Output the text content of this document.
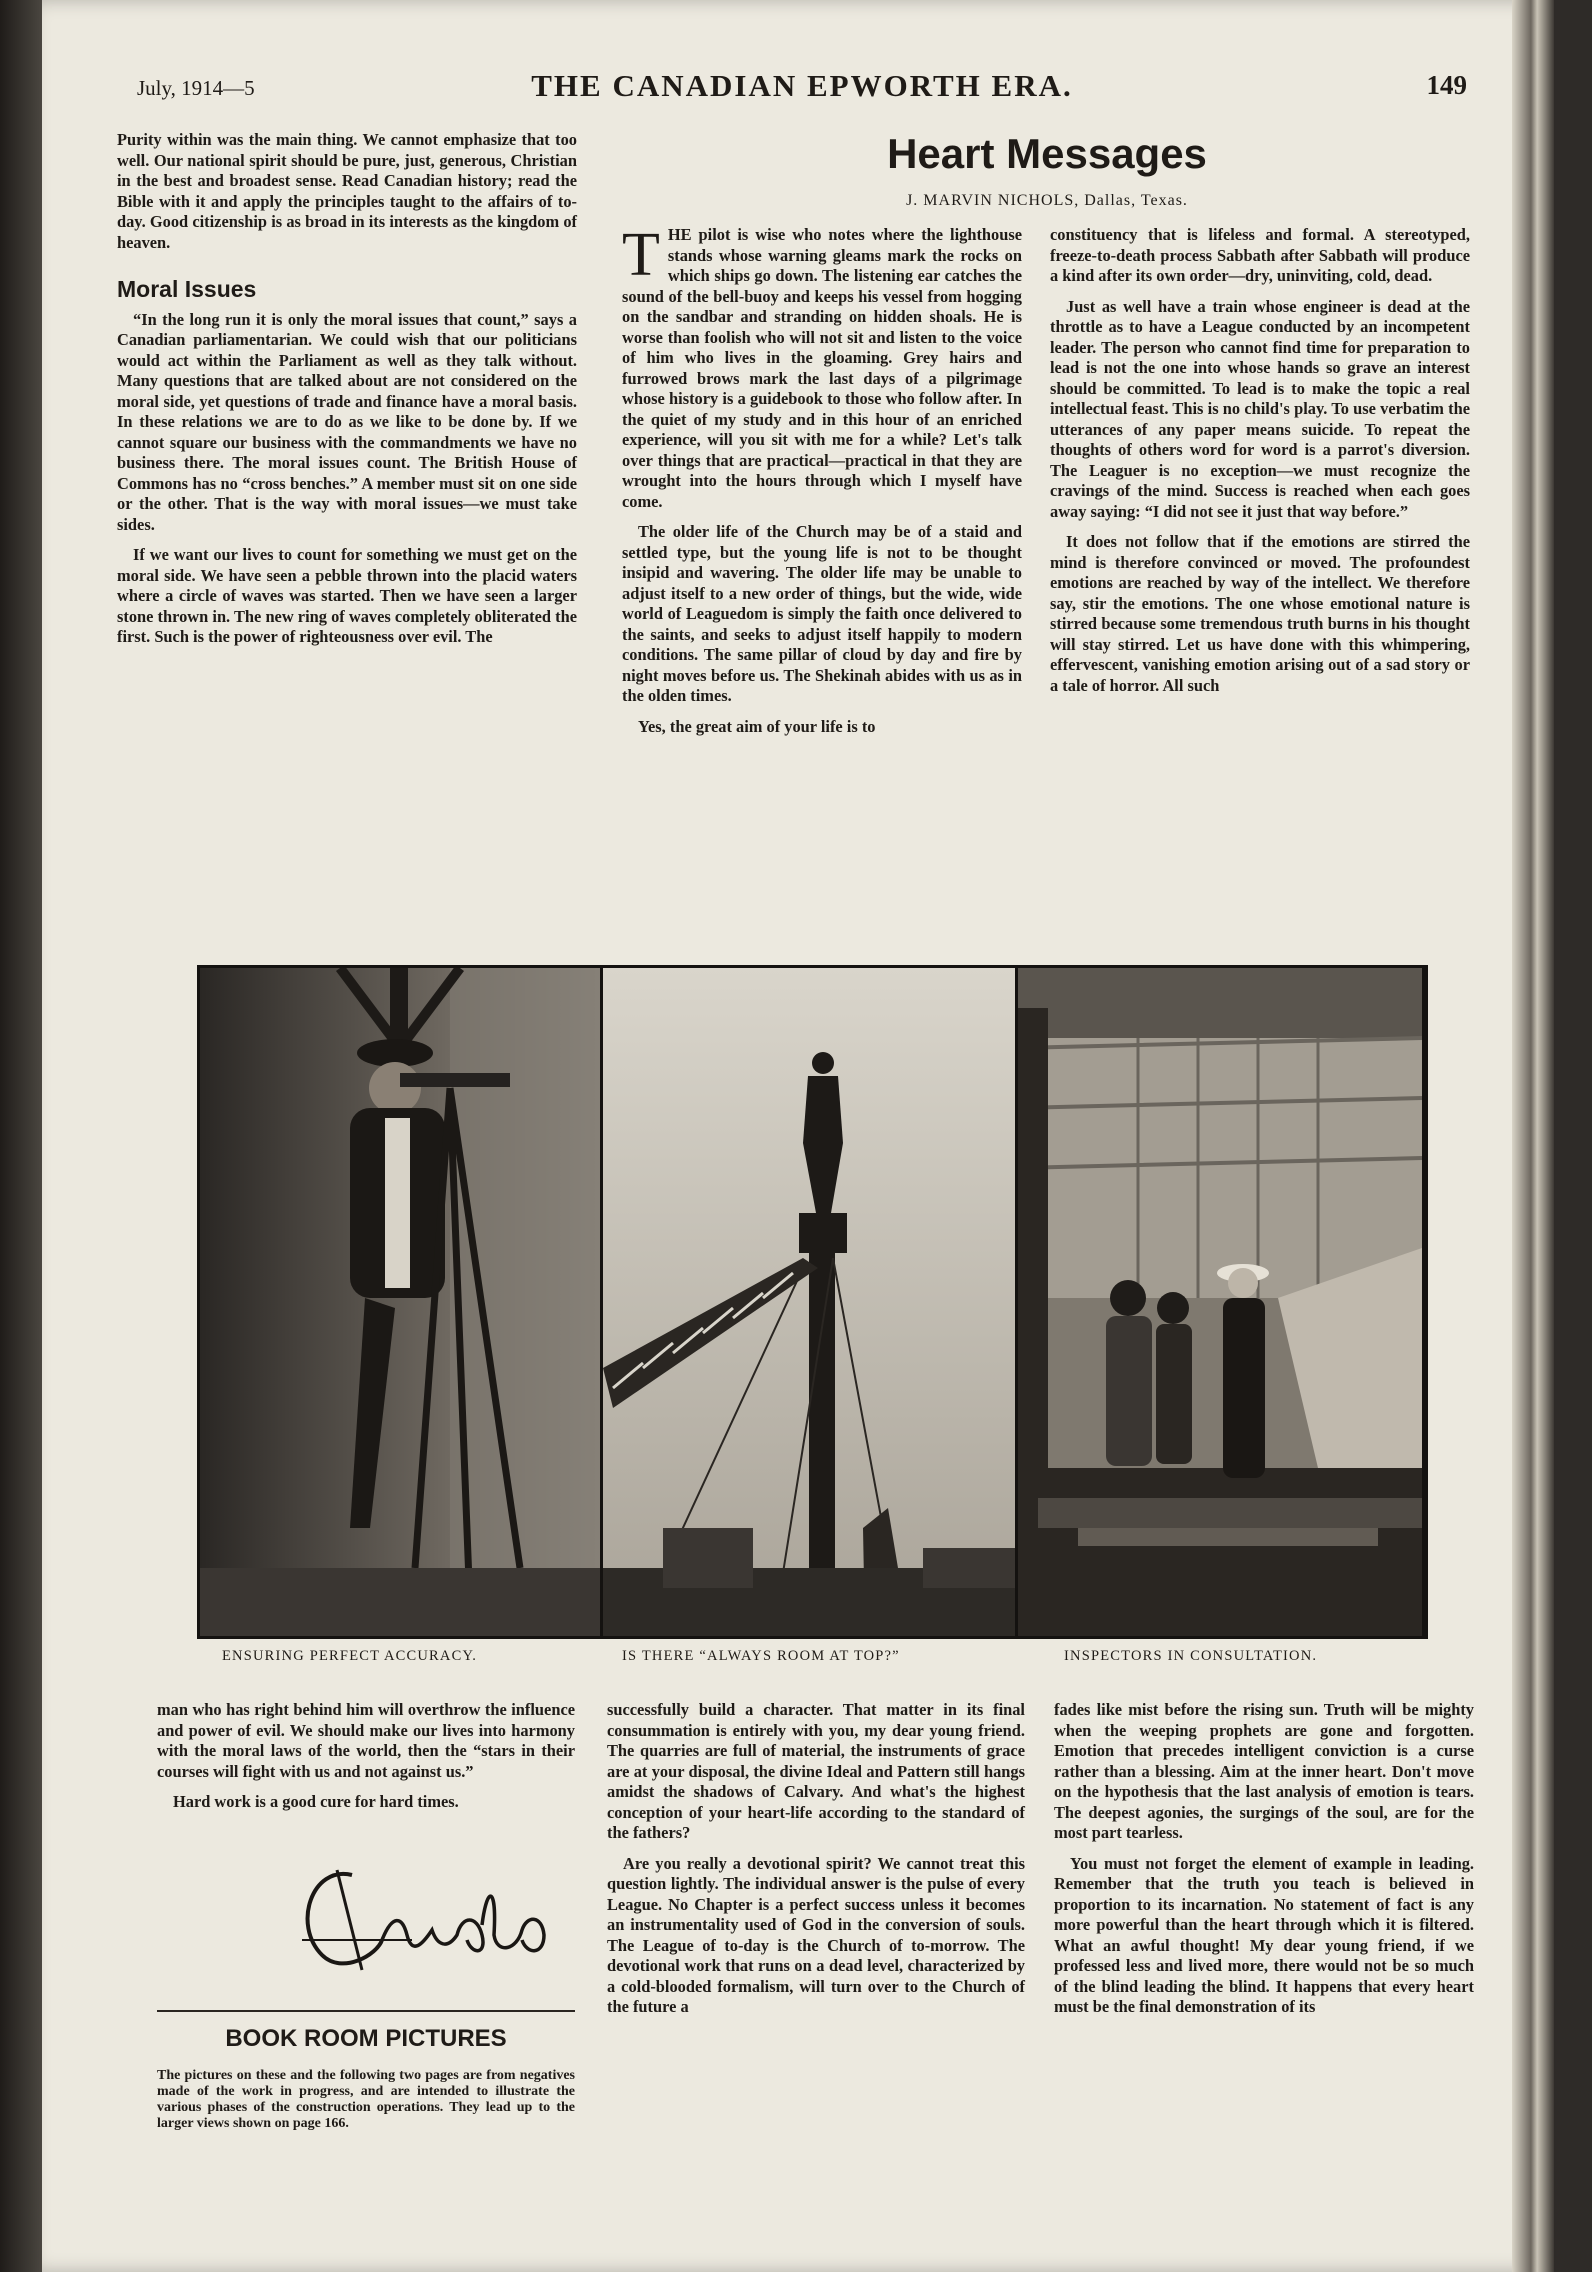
July, 1914—5	THE CANADIAN EPWORTH ERA.	149

Purity within was the main thing. We cannot emphasize that too well. Our national spirit should be pure, just, generous, Christian in the best and broadest sense. Read Canadian history; read the Bible with it and apply the principles taught to the affairs of to-day. Good citizenship is as broad in its interests as the kingdom of heaven.

Moral Issues

“In the long run it is only the moral issues that count,” says a Canadian parliamentarian. We could wish that our politicians would act within the Parliament as well as they talk without. Many questions that are talked about are not considered on the moral side, yet questions of trade and finance have a moral basis. In these relations we are to do as we like to be done by. If we cannot square our business with the commandments we have no business there. The moral issues count. The British House of Commons has no “cross benches.” A member must sit on one side or the other. That is the way with moral issues—we must take sides.

If we want our lives to count for something we must get on the moral side. We have seen a pebble thrown into the placid waters where a circle of waves was started. Then we have seen a larger stone thrown in. The new ring of waves completely obliterated the first. Such is the power of righteousness over evil. The

Heart Messages
J. MARVIN NICHOLS, Dallas, Texas.

THE pilot is wise who notes where the lighthouse stands whose warning gleams mark the rocks on which ships go down. The listening ear catches the sound of the bell-buoy and keeps his vessel from hogging on the sandbar and stranding on hidden shoals. He is worse than foolish who will not sit and listen to the voice of him who lives in the gloaming. Grey hairs and furrowed brows mark the last days of a pilgrimage whose history is a guidebook to those who follow after. In the quiet of my study and in this hour of an enriched experience, will you sit with me for a while? Let's talk over things that are practical—practical in that they are wrought into the hours through which I myself have come.

The older life of the Church may be of a staid and settled type, but the young life is not to be thought insipid and wavering. The older life may be unable to adjust itself to a new order of things, but the wide, wide world of Leaguedom is simply the faith once delivered to the saints, and seeks to adjust itself happily to modern conditions. The same pillar of cloud by day and fire by night moves before us. The Shekinah abides with us as in the olden times.

Yes, the great aim of your life is to

constituency that is lifeless and formal. A stereotyped, freeze-to-death process Sabbath after Sabbath will produce a kind after its own order—dry, uninviting, cold, dead.

Just as well have a train whose engineer is dead at the throttle as to have a League conducted by an incompetent leader. The person who cannot find time for preparation to lead is not the one into whose hands so grave an interest should be committed. To lead is to make the topic a real intellectual feast. This is no child's play. To use verbatim the utterances of any paper means suicide. To repeat the thoughts of others word for word is a parrot's diversion. The Leaguer is no exception—we must recognize the cravings of the mind. Success is reached when each goes away saying: “I did not see it just that way before.”

It does not follow that if the emotions are stirred the mind is therefore convinced or moved. The profoundest emotions are reached by way of the intellect. We therefore say, stir the emotions. The one whose emotional nature is stirred because some tremendous truth burns in his thought will stay stirred. Let us have done with this whimpering, effervescent, vanishing emotion arising out of a sad story or a tale of horror. All such

ENSURING PERFECT ACCURACY.	IS THERE “ALWAYS ROOM AT TOP?”	INSPECTORS IN CONSULTATION.

man who has right behind him will overthrow the influence and power of evil. We should make our lives into harmony with the moral laws of the world, then the “stars in their courses will fight with us and not against us.”

Hard work is a good cure for hard times.

BOOK ROOM PICTURES

The pictures on these and the following two pages are from negatives made of the work in progress, and are intended to illustrate the various phases of the construction operations. They lead up to the larger views shown on page 166.

successfully build a character. That matter in its final consummation is entirely with you, my dear young friend. The quarries are full of material, the instruments of grace are at your disposal, the divine Ideal and Pattern still hangs amidst the shadows of Calvary. And what's the highest conception of your heart-life according to the standard of the fathers?

Are you really a devotional spirit? We cannot treat this question lightly. The individual answer is the pulse of every League. No Chapter is a perfect success unless it becomes an instrumentality used of God in the conversion of souls. The League of to-day is the Church of to-morrow. The devotional work that runs on a dead level, characterized by a cold-blooded formalism, will turn over to the Church of the future a

fades like mist before the rising sun. Truth will be mighty when the weeping prophets are gone and forgotten. Emotion that precedes intelligent conviction is a curse rather than a blessing. Aim at the inner heart. Don't move on the hypothesis that the last analysis of emotion is tears. The deepest agonies, the surgings of the soul, are for the most part tearless.

You must not forget the element of example in leading. Remember that the truth you teach is believed in proportion to its incarnation. No statement of fact is any more powerful than the heart through which it is filtered. What an awful thought! My dear young friend, if we professed less and lived more, there would not be so much of the blind leading the blind. It happens that every heart must be the final demonstration of its
